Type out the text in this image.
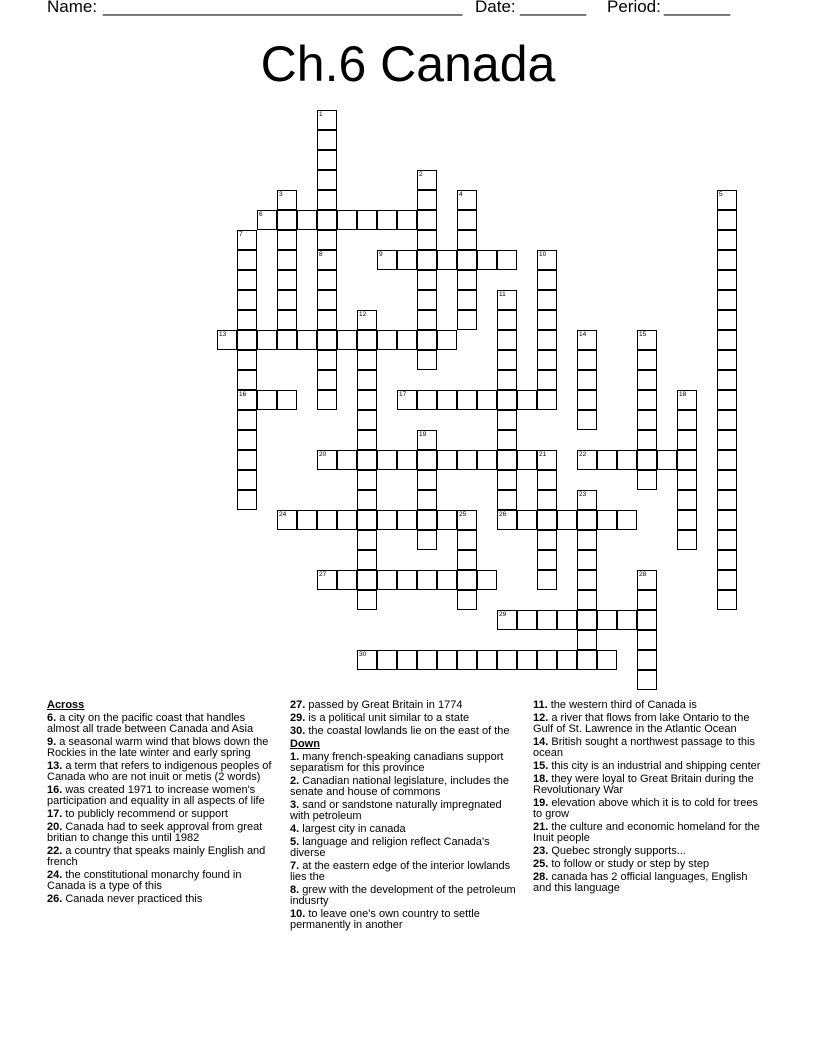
Name: ______________________________________ Date: _______ Period: _______
Ch.6 Canada
6
9
13
16	17
20	21	22
24	25	26
27
29
30
1
8
2
3	4	5
7
10
11
12
14	15
18
19
23
28
Across
6. a city on the pacific coast that handles almost all trade between Canada and Asia
9. a seasonal warm wind that blows down the Rockies in the late winter and early spring
13. a term that refers to indigenous peoples of Canada who are not inuit or metis (2 words)
16. was created 1971 to increase women's participation and equality in all aspects of life
17. to publicly recommend or support
20. Canada had to seek approval from great britian to change this until 1982
22. a country that speaks mainly English and french
24. the constitutional monarchy found in Canada is a type of this
26. Canada never practiced this
27. passed by Great Britain in 1774
29. is a political unit similar to a state
30. the coastal lowlands lie on the east of the
Down
1. many french-speaking canadians support separatism for this province
2. Canadian national legislature, includes the senate and house of commons
3. sand or sandstone naturally impregnated with petroleum
4. largest city in canada
5. language and religion reflect Canada's diverse
7. at the eastern edge of the interior lowlands lies the
8. grew with the development of the petroleum indusrty
10. to leave one's own country to settle permanently in another
11. the western third of Canada is
12. a river that flows from lake Ontario to the Gulf of St. Lawrence in the Atlantic Ocean
14. British sought a northwest passage to this ocean
15. this city is an industrial and shipping center
18. they were loyal to Great Britain during the Revolutionary War
19. elevation above which it is to cold for trees to grow
21. the culture and economic homeland for the Inuit people
23. Quebec strongly supports...
25. to follow or study or step by step
28. canada has 2 official languages, English and this language
